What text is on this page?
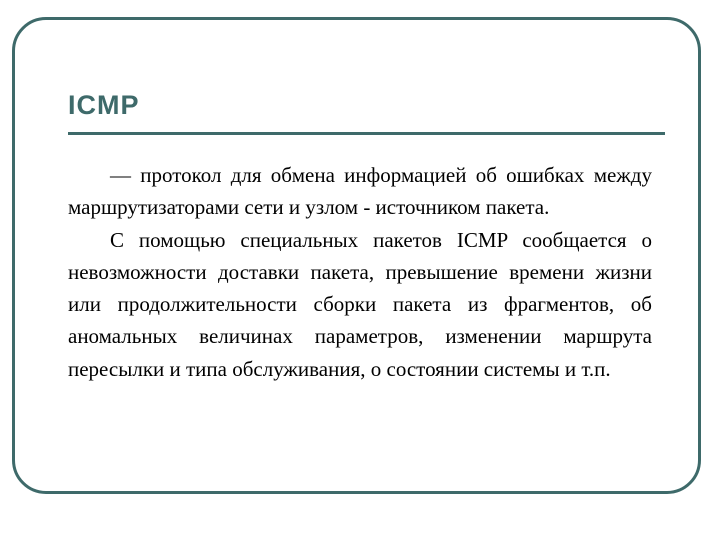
ICMP

— протокол для обмена информацией об ошибках между маршрутизаторами сети и узлом - источником пакета.

С помощью специальных пакетов ICMP сообщается о невозможности доставки пакета, превышение времени жизни или продолжительности сборки пакета из фрагментов, об аномальных величинах параметров, изменении маршрута пересылки и типа обслуживания, о состоянии системы и т.п.
